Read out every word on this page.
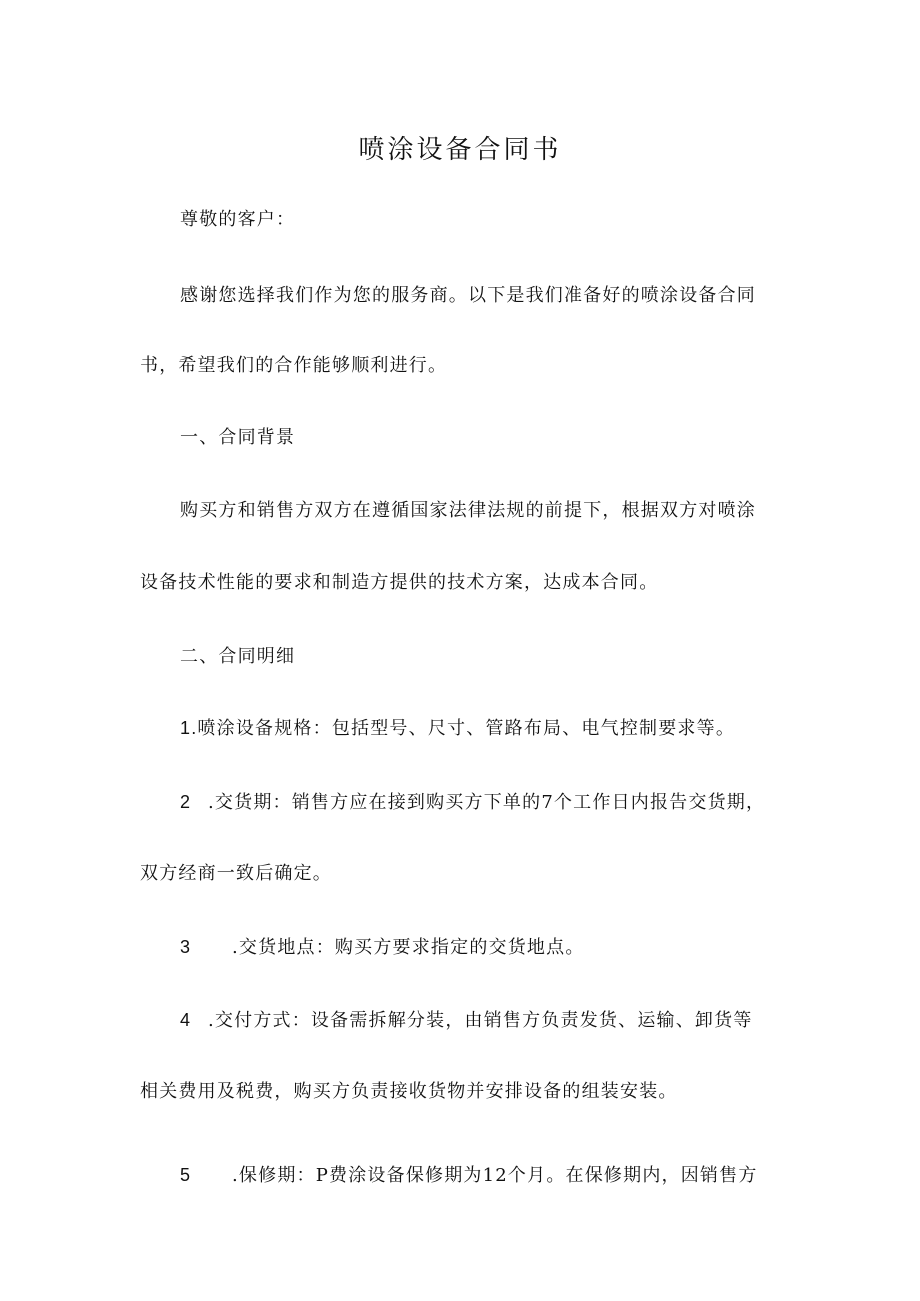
喷涂设备合同书
尊敬的客户：
感谢您选择我们作为您的服务商。以下是我们准备好的喷涂设备合同
书，希望我们的合作能够顺利进行。
一、合同背景
购买方和销售方双方在遵循国家法律法规的前提下，根据双方对喷涂
设备技术性能的要求和制造方提供的技术方案，达成本合同。
二、合同明细
1.喷涂设备规格：包括型号、尺寸、管路布局、电气控制要求等。
2 .交货期：销售方应在接到购买方下单的7个工作日内报告交货期，
双方经商一致后确定。
3 .交货地点：购买方要求指定的交货地点。
4 .交付方式：设备需拆解分装，由销售方负责发货、运输、卸货等
相关费用及税费，购买方负责接收货物并安排设备的组装安装。
5 .保修期：P费涂设备保修期为12个月。在保修期内，因销售方
